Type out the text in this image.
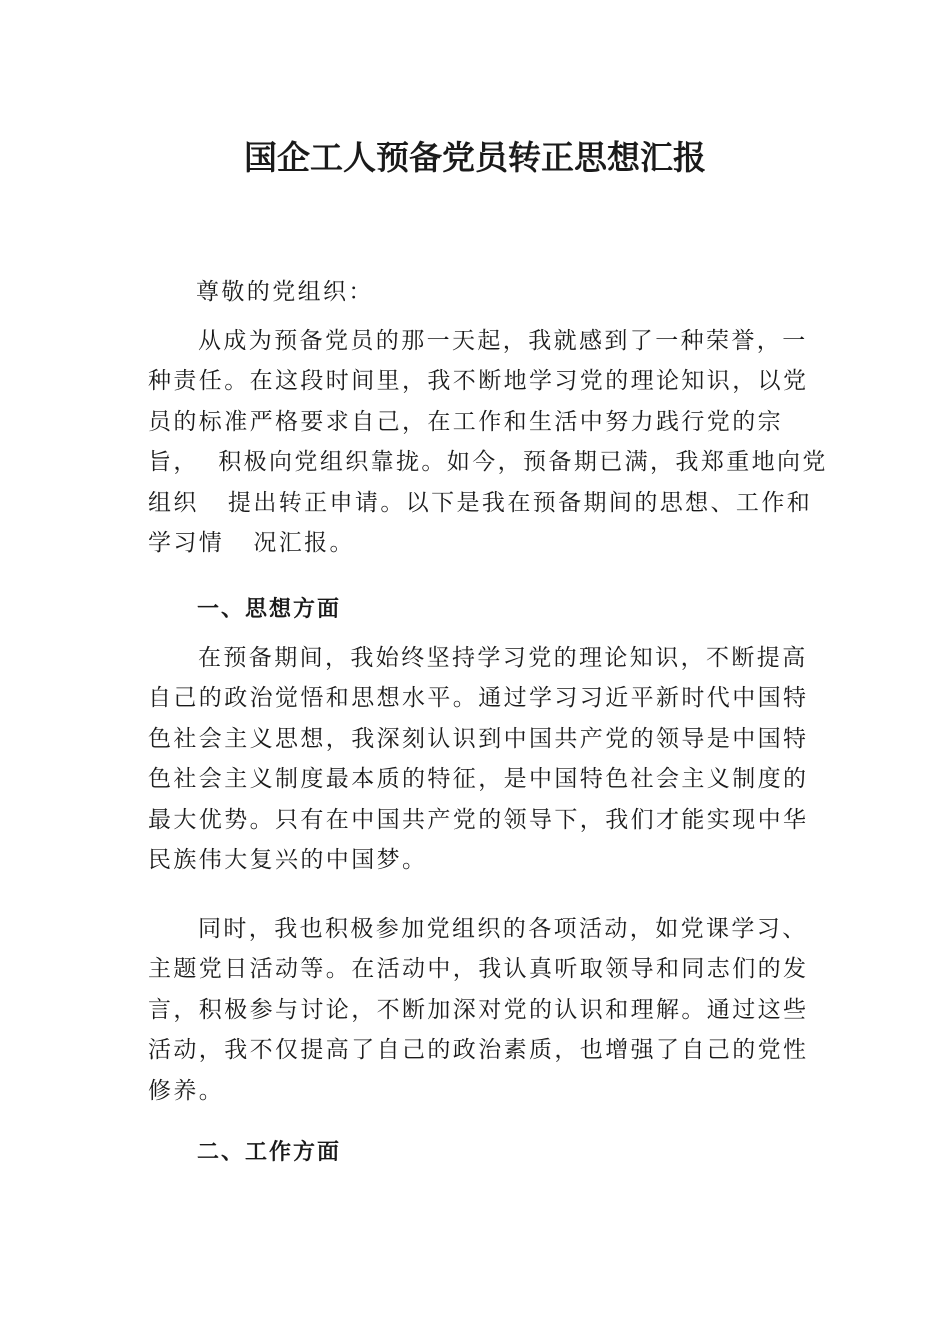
国企工人预备党员转正思想汇报

尊敬的党组织：

从成为预备党员的那一天起，我就感到了一种荣誉，一
种责任。在这段时间里，我不断地学习党的理论知识，以党
员的标准严格要求自己，在工作和生活中努力践行党的宗
旨，  积极向党组织靠拢。如今，预备期已满，我郑重地向党
组织   提出转正申请。以下是我在预备期间的思想、工作和
学习情   况汇报。

一、思想方面

在预备期间，我始终坚持学习党的理论知识，不断提高
自己的政治觉悟和思想水平。通过学习习近平新时代中国特
色社会主义思想，我深刻认识到中国共产党的领导是中国特
色社会主义制度最本质的特征，是中国特色社会主义制度的
最大优势。只有在中国共产党的领导下，我们才能实现中华
民族伟大复兴的中国梦。

同时，我也积极参加党组织的各项活动，如党课学习、
主题党日活动等。在活动中，我认真听取领导和同志们的发
言，积极参与讨论，不断加深对党的认识和理解。通过这些
活动，我不仅提高了自己的政治素质，也增强了自己的党性
修养。

二、工作方面
